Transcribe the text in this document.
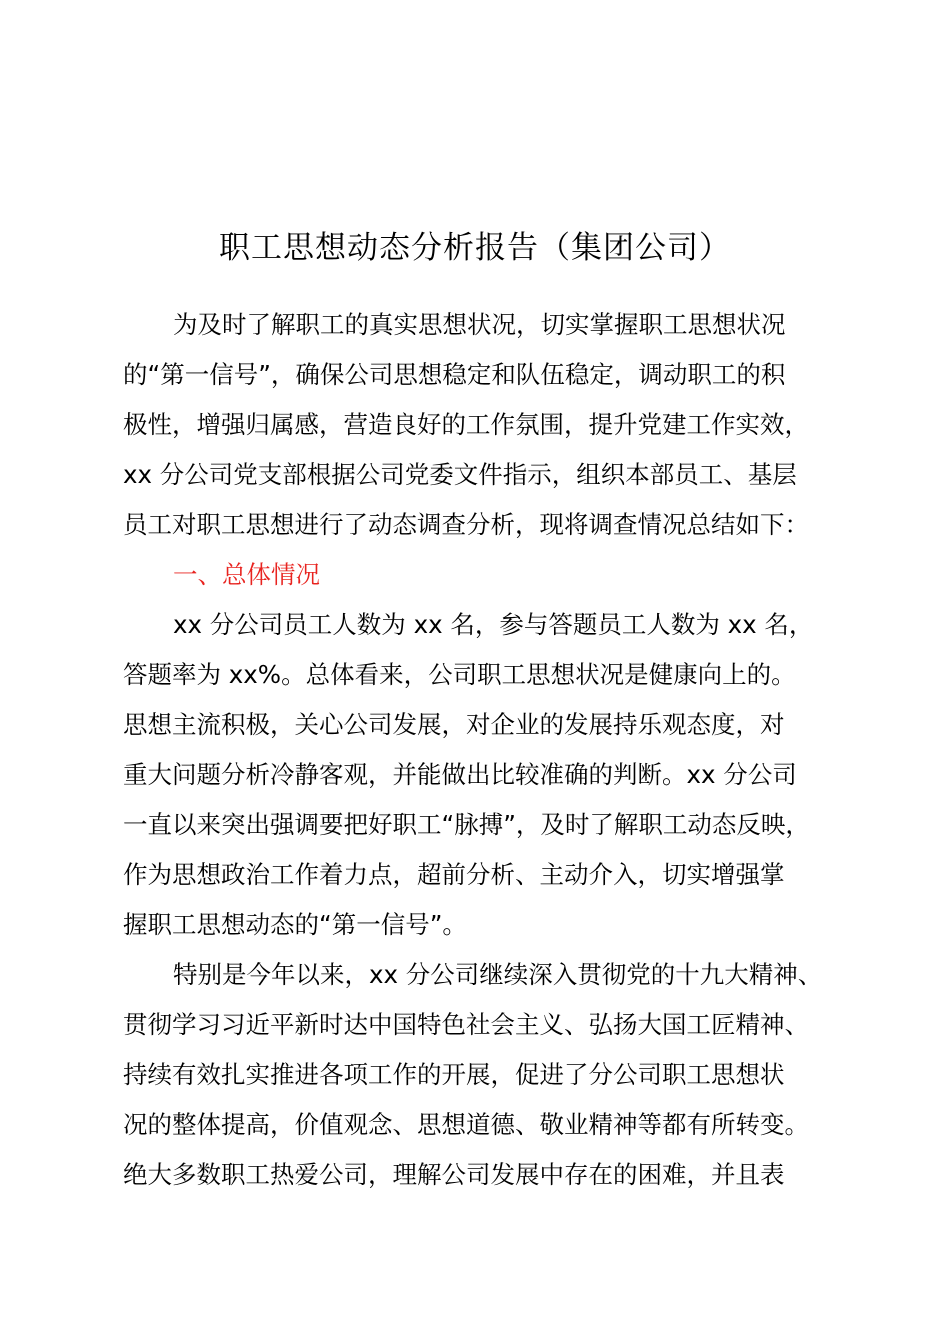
职工思想动态分析报告（集团公司）

为及时了解职工的真实思想状况，切实掌握职工思想状况

的“第一信号”，确保公司思想稳定和队伍稳定，调动职工的积

极性，增强归属感，营造良好的工作氛围，提升党建工作实效，

xx 分公司党支部根据公司党委文件指示，组织本部员工、基层

员工对职工思想进行了动态调查分析，现将调查情况总结如下：

一、总体情况

xx 分公司员工人数为 xx 名，参与答题员工人数为 xx 名，

答题率为 xx%。总体看来，公司职工思想状况是健康向上的。

思想主流积极，关心公司发展，对企业的发展持乐观态度，对

重大问题分析冷静客观，并能做出比较准确的判断。xx 分公司

一直以来突出强调要把好职工“脉搏”，及时了解职工动态反映，

作为思想政治工作着力点，超前分析、主动介入，切实增强掌

握职工思想动态的“第一信号”。

特别是今年以来，xx 分公司继续深入贯彻党的十九大精神、

贯彻学习习近平新时达中国特色社会主义、弘扬大国工匠精神、

持续有效扎实推进各项工作的开展，促进了分公司职工思想状

况的整体提高，价值观念、思想道德、敬业精神等都有所转变。

绝大多数职工热爱公司，理解公司发展中存在的困难，并且表
